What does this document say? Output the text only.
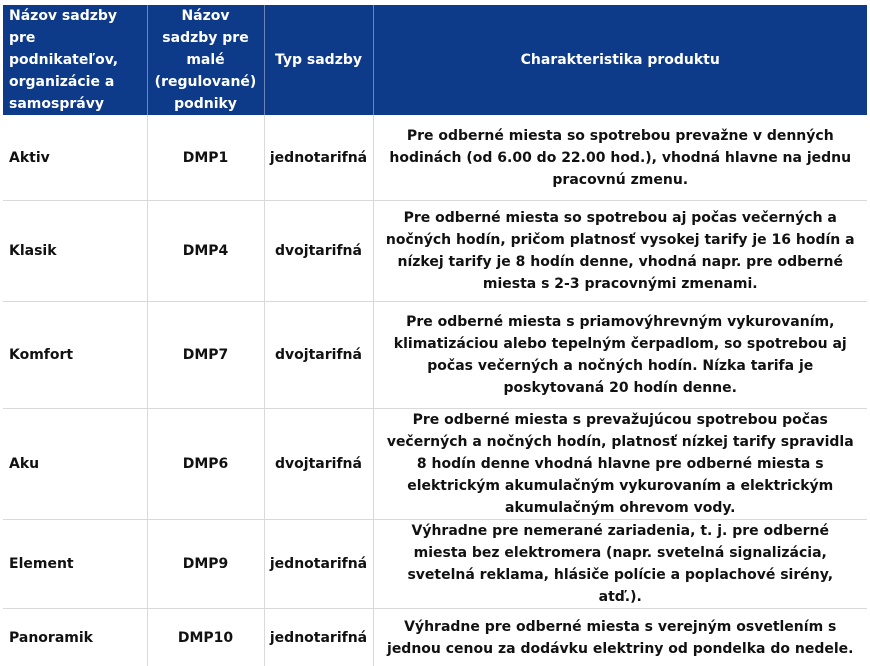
Názov sadzby pre podnikateľov, organizácie a samosprávy	Názov sadzby pre malé (regulované) podniky	Typ sadzby	Charakteristika produktu
Aktiv	DMP1	jednotarifná	Pre odberné miesta so spotrebou prevažne v denných hodinách (od 6.00 do 22.00 hod.), vhodná hlavne na jednu pracovnú zmenu.
Klasik	DMP4	dvojtarifná	Pre odberné miesta so spotrebou aj počas večerných a nočných hodín, pričom platnosť vysokej tarify je 16 hodín a nízkej tarify je 8 hodín denne, vhodná napr. pre odberné miesta s 2-3 pracovnými zmenami.
Komfort	DMP7	dvojtarifná	Pre odberné miesta s priamovýhrevným vykurovaním, klimatizáciou alebo tepelným čerpadlom, so spotrebou aj počas večerných a nočných hodín. Nízka tarifa je poskytovaná 20 hodín denne.
Aku	DMP6	dvojtarifná	Pre odberné miesta s prevažujúcou spotrebou počas večerných a nočných hodín, platnosť nízkej tarify spravidla 8 hodín denne vhodná hlavne pre odberné miesta s elektrickým akumulačným vykurovaním a elektrickým akumulačným ohrevom vody.
Element	DMP9	jednotarifná	Výhradne pre nemerané zariadenia, t. j. pre odberné miesta bez elektromera (napr. svetelná signalizácia, svetelná reklama, hlásiče polície a poplachové sirény, atď.).
Panoramik	DMP10	jednotarifná	Výhradne pre odberné miesta s verejným osvetlením s jednou cenou za dodávku elektriny od pondelka do nedele.
